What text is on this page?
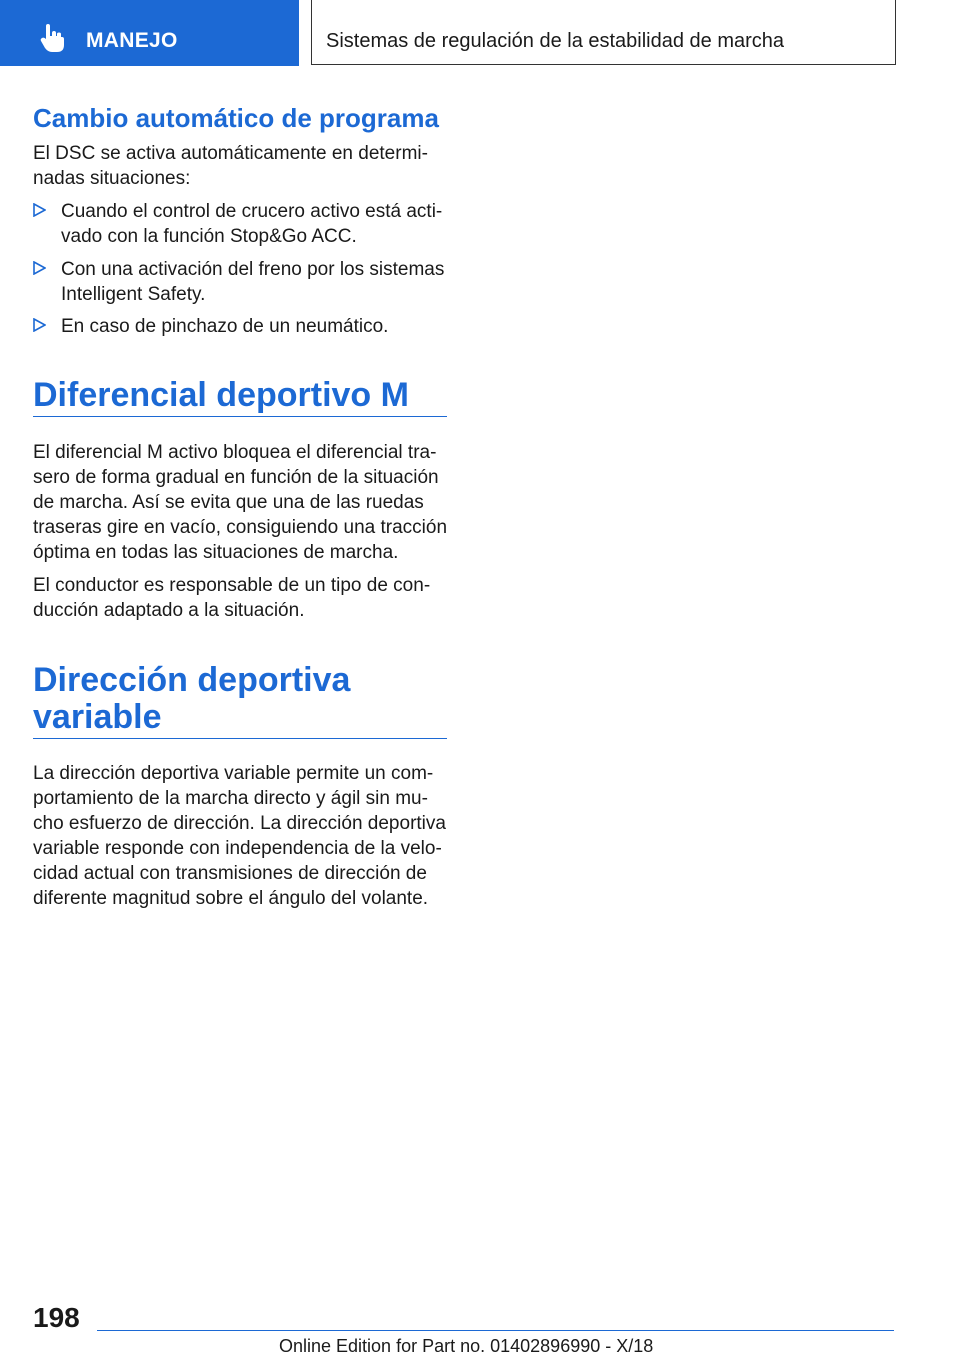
MANEJO	Sistemas de regulación de la estabilidad de marcha
Cambio automático de programa

El DSC se activa automáticamente en determi‐
nadas situaciones:

Cuando el control de crucero activo está acti‐
vado con la función Stop&Go ACC.
Con una activación del freno por los sistemas
Intelligent Safety.
En caso de pinchazo de un neumático.
Diferencial deportivo M

El diferencial M activo bloquea el diferencial tra‐
sero de forma gradual en función de la situación
de marcha. Así se evita que una de las ruedas
traseras gire en vacío, consiguiendo una tracción
óptima en todas las situaciones de marcha.

El conductor es responsable de un tipo de con‐
ducción adaptado a la situación.

Dirección deportiva
variable

La dirección deportiva variable permite un com‐
portamiento de la marcha directo y ágil sin mu‐
cho esfuerzo de dirección. La dirección deportiva
variable responde con independencia de la velo‐
cidad actual con transmisiones de dirección de
diferente magnitud sobre el ángulo del volante.

198
Online Edition for Part no. 01402896990 - X/18
